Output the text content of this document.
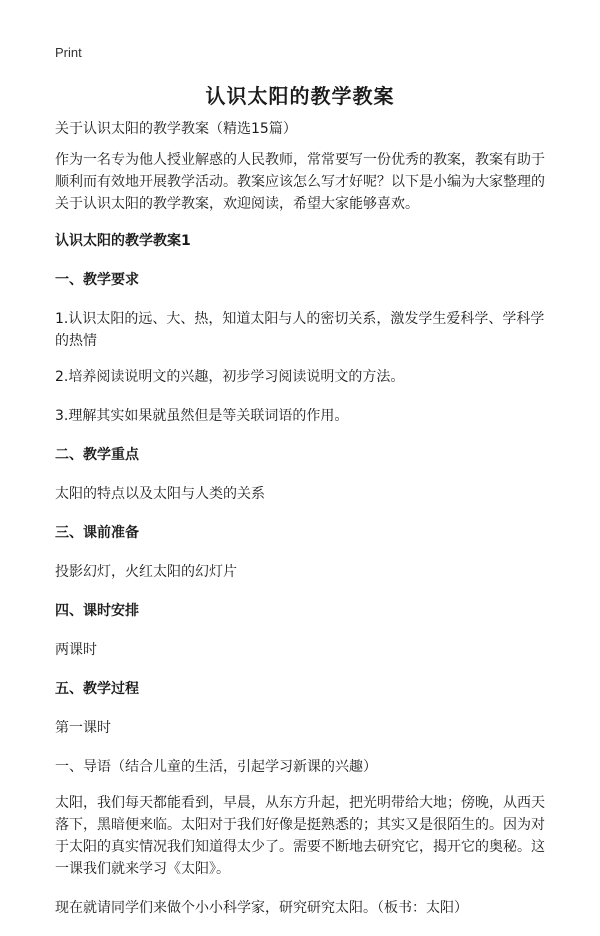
Print
认识太阳的教学教案

关于认识太阳的教学教案（精选15篇）

作为一名专为他人授业解惑的人民教师，常常要写一份优秀的教案，教案有助于顺利而有效地开展教学活动。教案应该怎么写才好呢？以下是小编为大家整理的关于认识太阳的教学教案，欢迎阅读，希望大家能够喜欢。

认识太阳的教学教案1

一、教学要求

1.认识太阳的远、大、热，知道太阳与人的密切关系，激发学生爱科学、学科学的热情

2.培养阅读说明文的兴趣，初步学习阅读说明文的方法。

3.理解其实如果就虽然但是等关联词语的作用。

二、教学重点

太阳的特点以及太阳与人类的关系

三、课前准备

投影幻灯，火红太阳的幻灯片

四、课时安排

两课时

五、教学过程

第一课时

一、导语（结合儿童的生活，引起学习新课的兴趣）

太阳，我们每天都能看到，早晨，从东方升起，把光明带给大地；傍晚，从西天落下，黑暗便来临。太阳对于我们好像是挺熟悉的；其实又是很陌生的。因为对于太阳的真实情况我们知道得太少了。需要不断地去研究它，揭开它的奥秘。这一课我们就来学习《太阳》。

现在就请同学们来做个小小科学家，研究研究太阳。（板书：太阳）
